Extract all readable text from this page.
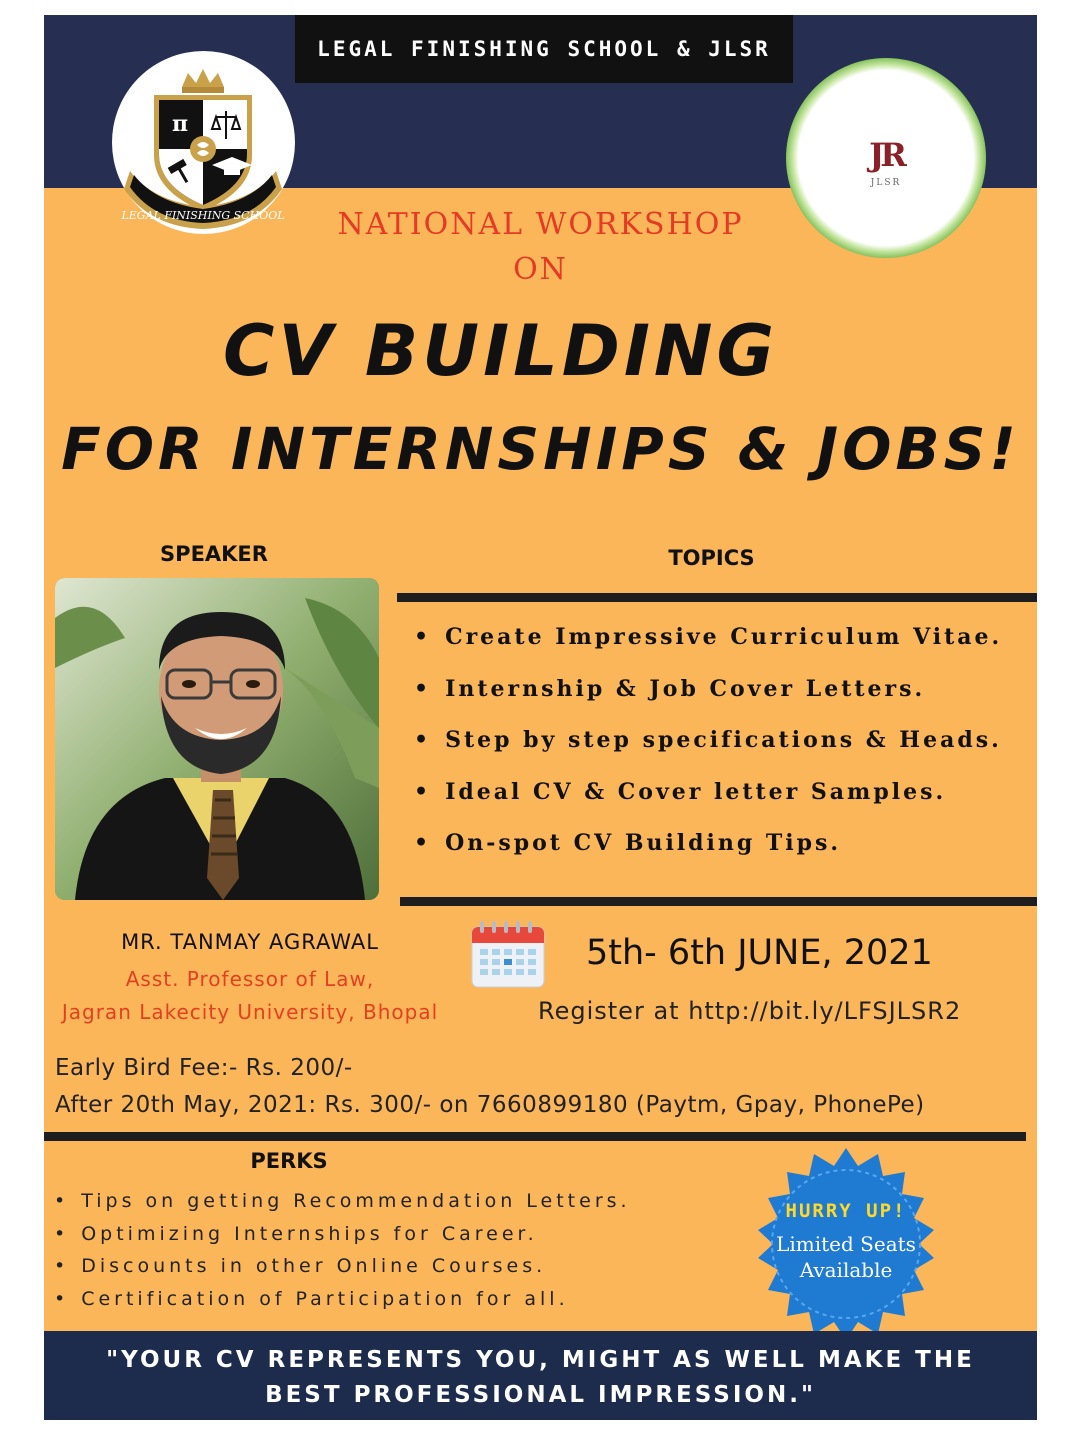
LEGAL FINISHING SCHOOL & JLSR
π
LEGAL FINISHING SCHOOL
JR
JLSR
NATIONAL WORKSHOP
ON
CV BUILDING
FOR INTERNSHIPS & JOBS!
SPEAKER	TOPICS
• Create Impressive Curriculum Vitae.
• Internship & Job Cover Letters.
• Step by step specifications & Heads.
• Ideal CV & Cover letter Samples.
• On-spot CV Building Tips.
MR. TANMAY AGRAWAL
Asst. Professor of Law,
Jagran Lakecity University, Bhopal
5th- 6th JUNE, 2021
Register at http://bit.ly/LFSJLSR2
Early Bird Fee:- Rs. 200/-
After 20th May, 2021: Rs. 300/- on 7660899180 (Paytm, Gpay, PhonePe)
PERKS
• Tips on getting Recommendation Letters.
• Optimizing Internships for Career.
• Discounts in other Online Courses.
• Certification of Participation for all.
HURRY UP!
Limited Seats
Available
"YOUR CV REPRESENTS YOU, MIGHT AS WELL MAKE THE
BEST PROFESSIONAL IMPRESSION."
